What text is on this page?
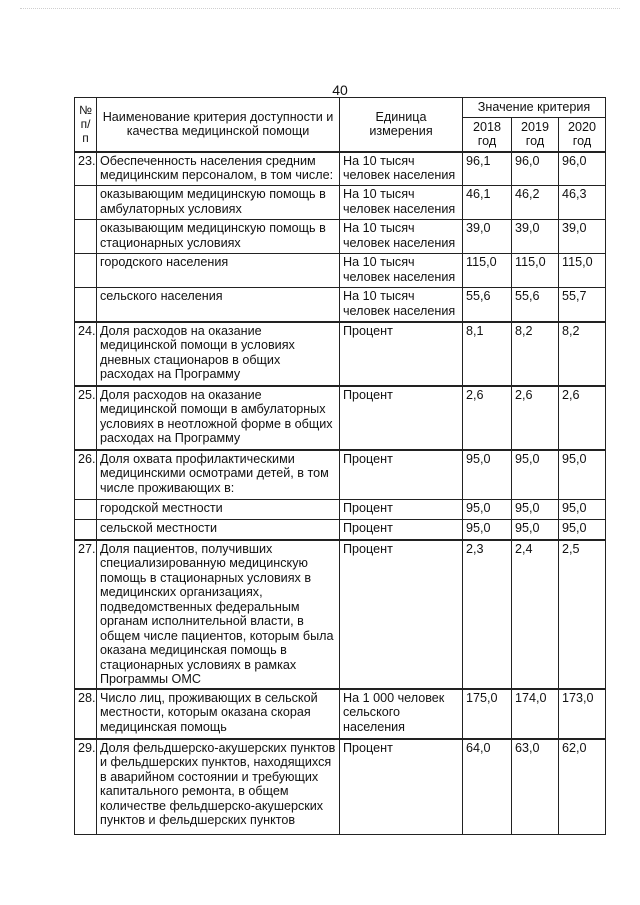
40
№ п/п	Наименование критерия доступности и качества медицинской помощи	Единица измерения	Значение критерия		
			2018 год	2019 год	2020 год
23.	Обеспеченность населения средним медицинским персоналом, в том числе:	На 10 тысяч человек населения	96,1	96,0	96,0
	оказывающим медицинскую помощь в амбулаторных условиях	На 10 тысяч человек населения	46,1	46,2	46,3
	оказывающим медицинскую помощь в стационарных условиях	На 10 тысяч человек населения	39,0	39,0	39,0
	городского населения	На 10 тысяч человек населения	115,0	115,0	115,0
	сельского населения	На 10 тысяч человек населения	55,6	55,6	55,7
24.	Доля расходов на оказание медицинской помощи в условиях дневных стационаров в общих расходах на Программу	Процент	8,1	8,2	8,2
25.	Доля расходов на оказание медицинской помощи в амбулаторных условиях в неотложной форме в общих расходах на Программу	Процент	2,6	2,6	2,6
26.	Доля охвата профилактическими медицинскими осмотрами детей, в том числе проживающих в:	Процент	95,0	95,0	95,0
	городской местности	Процент	95,0	95,0	95,0
	сельской местности	Процент	95,0	95,0	95,0
27.	Доля пациентов, получивших специализированную медицинскую помощь в стационарных условиях в медицинских организациях, подведомственных федеральным органам исполнительной власти, в общем числе пациентов, которым была оказана медицинская помощь в стационарных условиях в рамках Программы ОМС	Процент	2,3	2,4	2,5
28.	Число лиц, проживающих в сельской местности, которым оказана скорая медицинская помощь	На 1 000 человек сельского населения	175,0	174,0	173,0
29.	Доля фельдшерско-акушерских пунктов и фельдшерских пунктов, находящихся в аварийном состоянии и требующих капитального ремонта, в общем количестве фельдшерско-акушерских пунктов и фельдшерских пунктов	Процент	64,0	63,0	62,0
